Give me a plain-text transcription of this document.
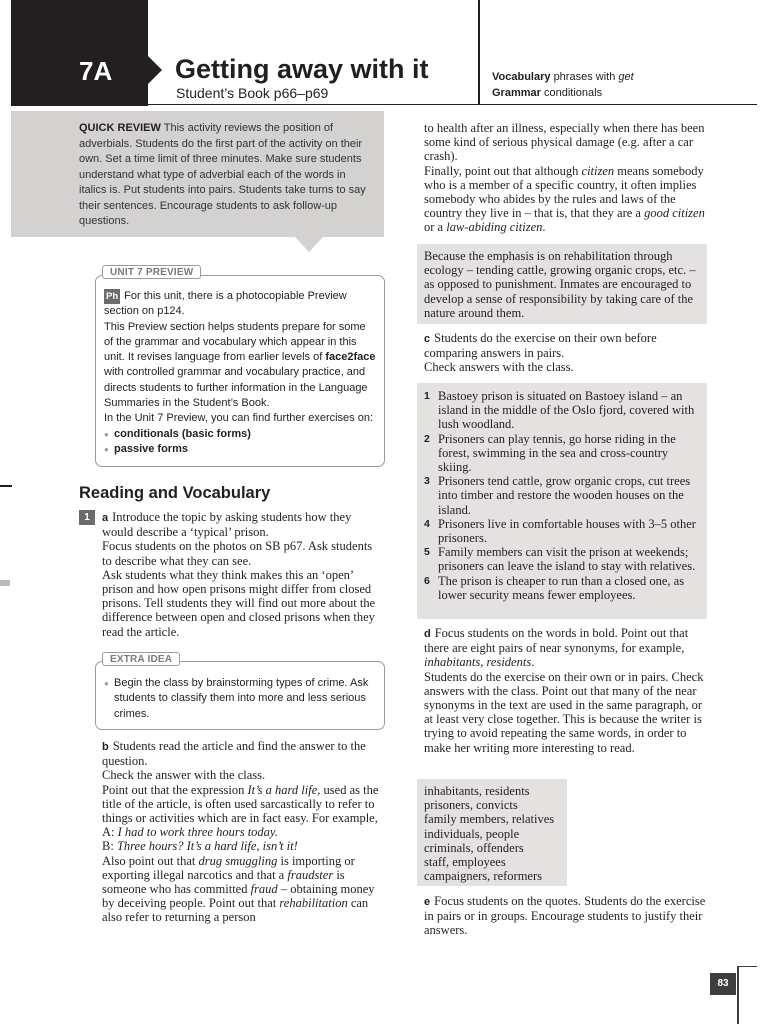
7A Getting away with it
Student’s Book p66–p69
Vocabulary phrases with get
Grammar conditionals
QUICK REVIEW This activity reviews the position of adverbials. Students do the first part of the activity on their own. Set a time limit of three minutes. Make sure students understand what type of adverbial each of the words in italics is. Put students into pairs. Students take turns to say their sentences. Encourage students to ask follow-up questions.
UNIT 7 PREVIEW
Ph For this unit, there is a photocopiable Preview section on p124.
This Preview section helps students prepare for some of the grammar and vocabulary which appear in this unit. It revises language from earlier levels of face2face with controlled grammar and vocabulary practice, and directs students to further information in the Language Summaries in the Student’s Book.
In the Unit 7 Preview, you can find further exercises on:
● conditionals (basic forms)
● passive forms
Reading and Vocabulary
1	a Introduce the topic by asking students how they would describe a ‘typical’ prison.

Focus students on the photos on SB p67. Ask students to describe what they can see.

Ask students what they think makes this an ‘open’ prison and how open prisons might differ from closed prisons. Tell students they will find out more about the difference between open and closed prisons when they read the article.

EXTRA IDEA
● Begin the class by brainstorming types of crime. Ask students to classify them into more and less serious crimes.

b Students read the article and find the answer to the question.

Check the answer with the class.

Point out that the expression It’s a hard life, used as the title of the article, is often used sarcastically to refer to things or activities which are in fact easy. For example,

A: I had to work three hours today.

B: Three hours? It’s a hard life, isn’t it!

Also point out that drug smuggling is importing or exporting illegal narcotics and that a fraudster is someone who has committed fraud – obtaining money by deceiving people. Point out that rehabilitation can also refer to returning a person

to health after an illness, especially when there has been some kind of serious physical damage (e.g. after a car crash).

Finally, point out that although citizen means somebody who is a member of a specific country, it often implies somebody who abides by the rules and laws of the country they live in – that is, that they are a good citizen or a law-abiding citizen.

Because the emphasis is on rehabilitation through ecology – tending cattle, growing organic crops, etc. – as opposed to punishment. Inmates are encouraged to develop a sense of responsibility by taking care of the nature around them.

c Students do the exercise on their own before comparing answers in pairs.

Check answers with the class.

1 Bastoey prison is situated on Bastoey island – an island in the middle of the Oslo fjord, covered with lush woodland.
2 Prisoners can play tennis, go horse riding in the forest, swimming in the sea and cross-country skiing.
3 Prisoners tend cattle, grow organic crops, cut trees into timber and restore the wooden houses on the island.
4 Prisoners live in comfortable houses with 3–5 other prisoners.
5 Family members can visit the prison at weekends; prisoners can leave the island to stay with relatives.
6 The prison is cheaper to run than a closed one, as lower security means fewer employees.

d Focus students on the words in bold. Point out that there are eight pairs of near synonyms, for example, inhabitants, residents.

Students do the exercise on their own or in pairs. Check answers with the class. Point out that many of the near synonyms in the text are used in the same paragraph, or at least very close together. This is because the writer is trying to avoid repeating the same words, in order to make her writing more interesting to read.

inhabitants, residents
prisoners, convicts
family members, relatives
individuals, people
criminals, offenders
staff, employees
campaigners, reformers

e Focus students on the quotes. Students do the exercise in pairs or in groups. Encourage students to justify their answers.

83
